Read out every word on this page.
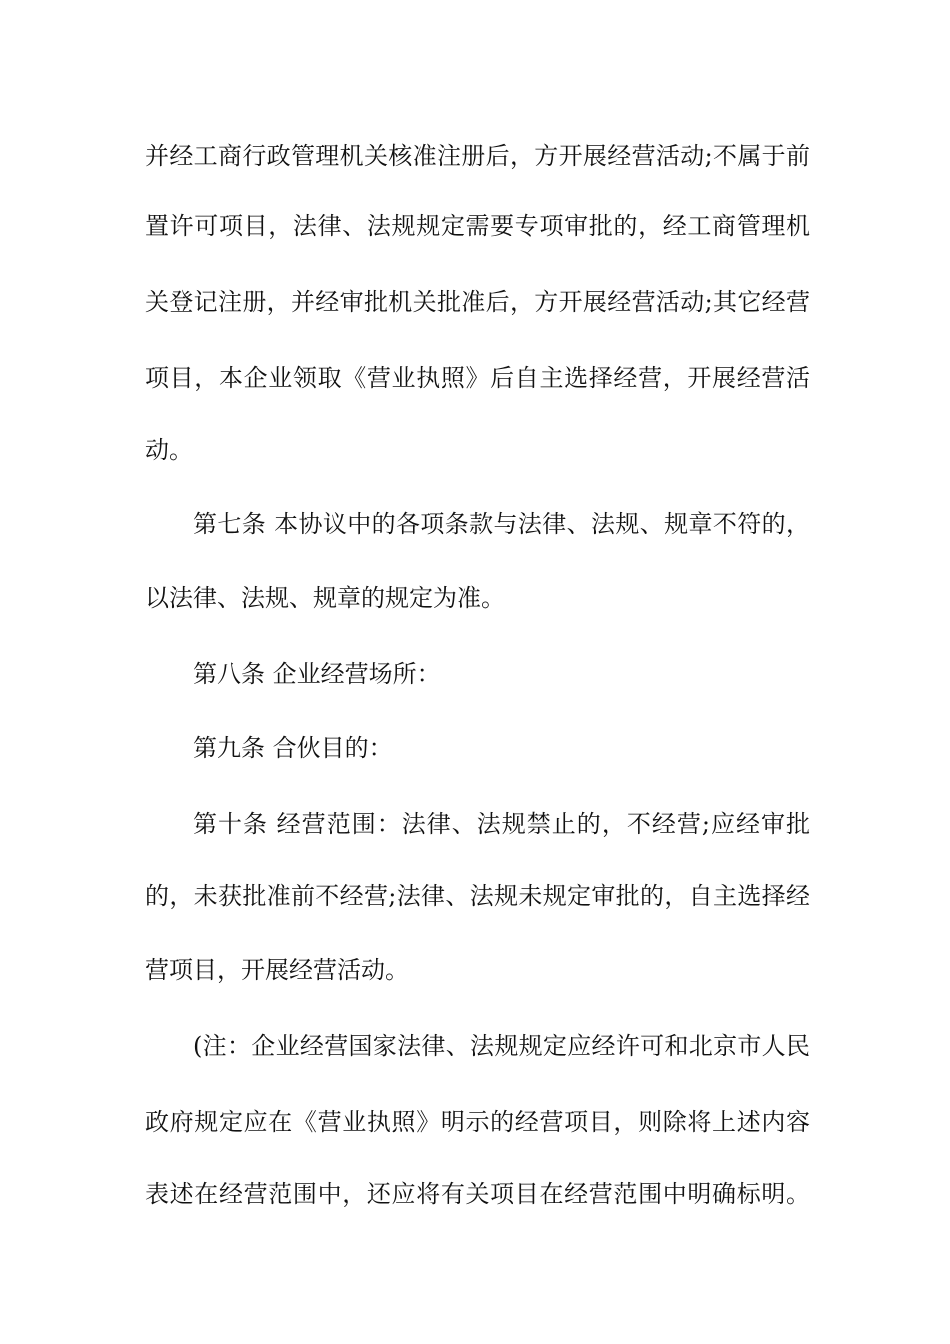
并经工商行政管理机关核准注册后，方开展经营活动;不属于前
置许可项目，法律、法规规定需要专项审批的，经工商管理机
关登记注册，并经审批机关批准后，方开展经营活动;其它经营
项目，本企业领取《营业执照》后自主选择经营，开展经营活
动。
第七条 本协议中的各项条款与法律、法规、规章不符的，
以法律、法规、规章的规定为准。
第八条 企业经营场所：
第九条 合伙目的：
第十条 经营范围：法律、法规禁止的，不经营;应经审批
的，未获批准前不经营;法律、法规未规定审批的，自主选择经
营项目，开展经营活动。
(注：企业经营国家法律、法规规定应经许可和北京市人民
政府规定应在《营业执照》明示的经营项目，则除将上述内容
表述在经营范围中，还应将有关项目在经营范围中明确标明。
